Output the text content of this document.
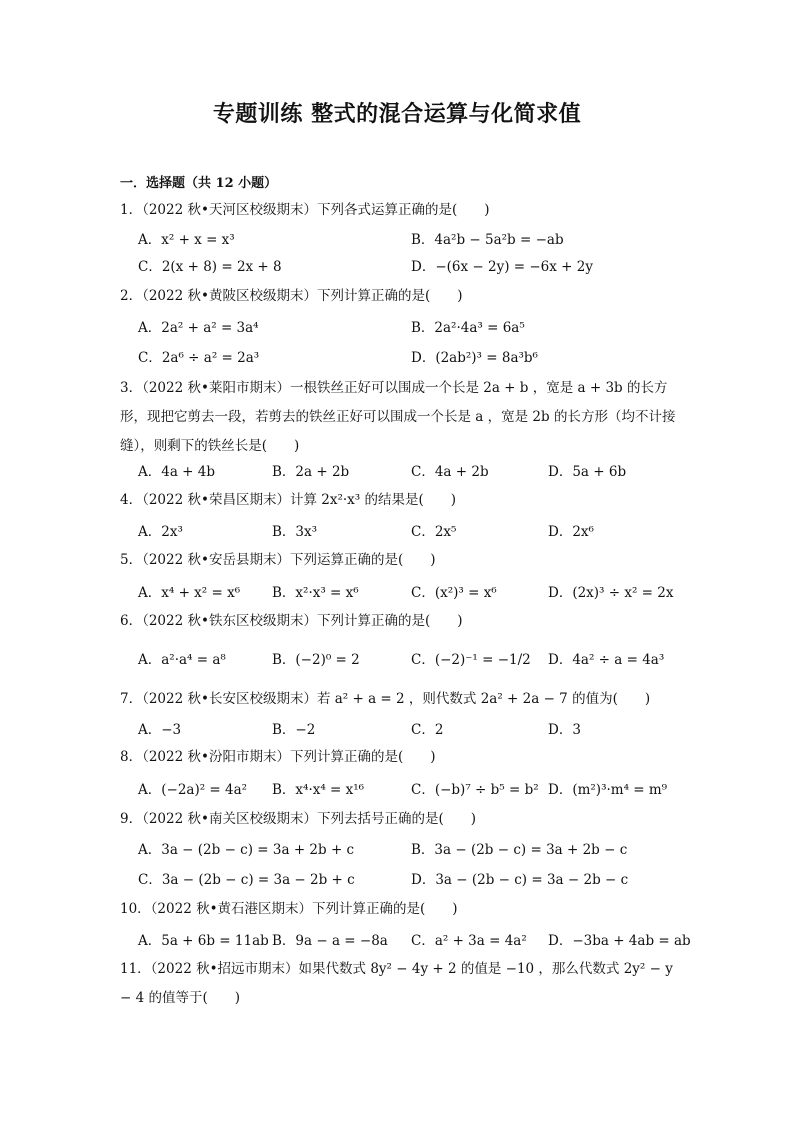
专题训练 整式的混合运算与化简求值
一．选择题（共 12 小题）
1．（2022 秋•天河区校级期末）下列各式运算正确的是(　　)
A．x² + x = x³	B．4a²b − 5a²b = −ab
C．2(x + 8) = 2x + 8	D．−(6x − 2y) = −6x + 2y
2．（2022 秋•黄陂区校级期末）下列计算正确的是(　　)
A．2a² + a² = 3a⁴	B．2a²·4a³ = 6a⁵
C．2a⁶ ÷ a² = 2a³	D．(2ab²)³ = 8a³b⁶
3．（2022 秋•莱阳市期末）一根铁丝正好可以围成一个长是 2a + b ，宽是 a + 3b 的长方形，现把它剪去一段，若剪去的铁丝正好可以围成一个长是 a ，宽是 2b 的长方形（均不计接缝），则剩下的铁丝长是(　　)
A．4a + 4b	B．2a + 2b	C．4a + 2b	D．5a + 6b
4．（2022 秋•荣昌区期末）计算 2x²·x³ 的结果是(　　)
A．2x³	B．3x³	C．2x⁵	D．2x⁶
5．（2022 秋•安岳县期末）下列运算正确的是(　　)
A．x⁴ + x² = x⁶ B．x²·x³ = x⁶	C．(x²)³ = x⁶	D．(2x)³ ÷ x² = 2x
6．（2022 秋•铁东区校级期末）下列计算正确的是(　　)
A．a²·a⁴ = a⁸	B．(−2)⁰ = 2	C．(−2)⁻¹ = −1/2 D．4a² ÷ a = 4a³
7．（2022 秋•长安区校级期末）若 a² + a = 2 ，则代数式 2a² + 2a − 7 的值为(　　)
A．−3	B．−2	C．2	D．3
8．（2022 秋•汾阳市期末）下列计算正确的是(　　)
A．(−2a)² = 4a² B．x⁴·x⁴ = x¹⁶	C．(−b)⁷ ÷ b⁵ = b² D．(m²)³·m⁴ = m⁹
9．（2022 秋•南关区校级期末）下列去括号正确的是(　　)
A．3a − (2b − c) = 3a + 2b + c	B．3a − (2b − c) = 3a + 2b − c
C．3a − (2b − c) = 3a − 2b + c	D．3a − (2b − c) = 3a − 2b − c
10．（2022 秋•黄石港区期末）下列计算正确的是(　　)
A．5a + 6b = 11ab B．9a − a = −8a C．a² + 3a = 4a² D．−3ba + 4ab = ab
11．（2022 秋•招远市期末）如果代数式 8y² − 4y + 2 的值是 −10 ，那么代数式 2y² − y − 4 的值等于(　　)
